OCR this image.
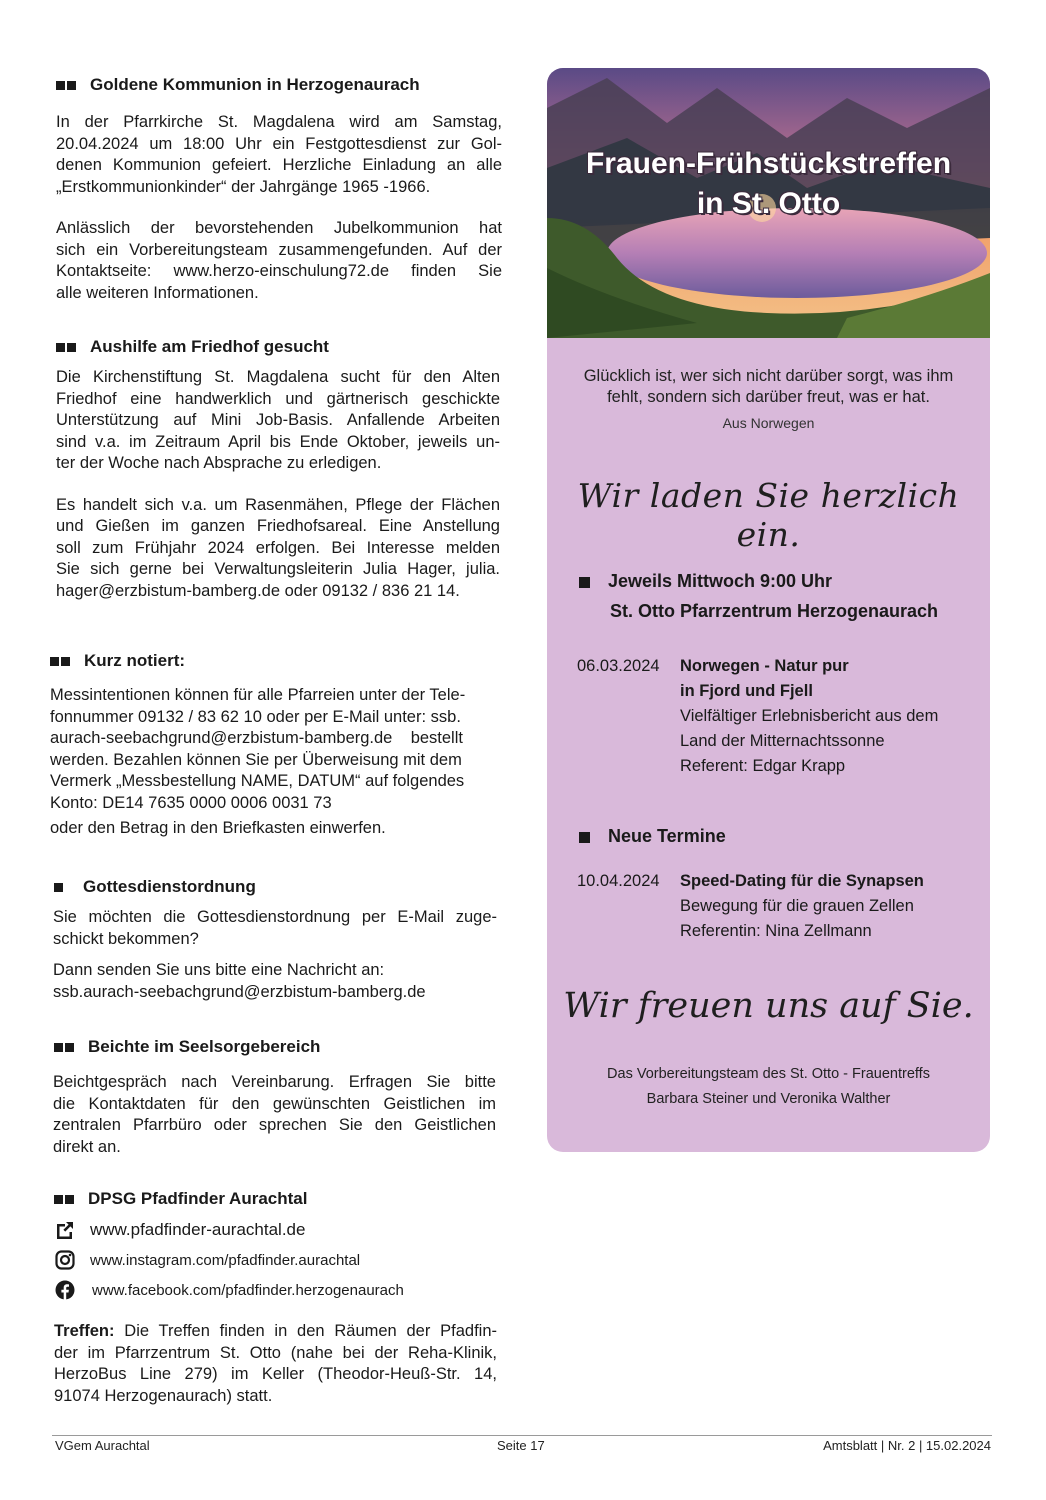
Goldene Kommunion in Herzogenaurach
In der Pfarrkirche St. Magdalena wird am Samstag,
20.04.2024 um 18:00 Uhr ein Festgottesdienst zur Gol-
denen Kommunion gefeiert. Herzliche Einladung an alle
„Erstkommunionkinder“ der Jahrgänge 1965 -1966.
Anlässlich der bevorstehenden Jubelkommunion hat
sich ein Vorbereitungsteam zusammengefunden. Auf der
Kontaktseite: www.herzo-einschulung72.de finden Sie
alle weiteren Informationen.
Aushilfe am Friedhof gesucht
Die Kirchenstiftung St. Magdalena sucht für den Alten
Friedhof eine handwerklich und gärtnerisch geschickte
Unterstützung auf Mini Job-Basis. Anfallende Arbeiten
sind v.a. im Zeitraum April bis Ende Oktober, jeweils un-
ter der Woche nach Absprache zu erledigen.
Es handelt sich v.a. um Rasenmähen, Pflege der Flächen
und Gießen im ganzen Friedhofsareal. Eine Anstellung
soll zum Frühjahr 2024 erfolgen. Bei Interesse melden
Sie sich gerne bei Verwaltungsleiterin Julia Hager, julia.
hager@erzbistum-bamberg.de oder 09132 / 836 21 14.
Kurz notiert:
Messintentionen können für alle Pfarreien unter der Tele-
fonnummer 09132 / 83 62 10 oder per E-Mail unter: ssb.
aurach-seebachgrund@erzbistum-bamberg.de    bestellt
werden. Bezahlen können Sie per Überweisung mit dem
Vermerk „Messbestellung NAME, DATUM“ auf folgendes
Konto: DE14 7635 0000 0006 0031 73
oder den Betrag in den Briefkasten einwerfen.
Gottesdienstordnung
Sie möchten die Gottesdienstordnung per E-Mail zuge-
schickt bekommen?
Dann senden Sie uns bitte eine Nachricht an:
ssb.aurach-seebachgrund@erzbistum-bamberg.de
Beichte im Seelsorgebereich
Beichtgespräch nach Vereinbarung. Erfragen Sie bitte
die Kontaktdaten für den gewünschten Geistlichen im
zentralen Pfarrbüro oder sprechen Sie den Geistlichen
direkt an.
DPSG Pfadfinder Aurachtal
www.pfadfinder-aurachtal.de
www.instagram.com/pfadfinder.aurachtal
www.facebook.com/pfadfinder.herzogenaurach
Treffen: Die Treffen finden in den Räumen der Pfadfin-
der im Pfarrzentrum St. Otto (nahe bei der Reha-Klinik,
HerzoBus Line 279) im Keller (Theodor-Heuß-Str. 14,
91074 Herzogenaurach) statt.
Frauen-Frühstückstreffen
in St. Otto
Glücklich ist, wer sich nicht darüber sorgt, was ihm
fehlt, sondern sich darüber freut, was er hat.
Aus Norwegen
Wir laden Sie herzlich ein.
Jeweils Mittwoch 9:00 Uhr
St. Otto Pfarrzentrum Herzogenaurach
06.03.2024 Norwegen - Natur pur
in Fjord und Fjell
Vielfältiger Erlebnisbericht aus dem
Land der Mitternachtssonne
Referent: Edgar Krapp
Neue Termine
10.04.2024 Speed-Dating für die Synapsen
Bewegung für die grauen Zellen
Referentin: Nina Zellmann
Wir freuen uns auf Sie.
Das Vorbereitungsteam des St. Otto - Frauentreffs
Barbara Steiner und Veronika Walther
VGem Aurachtal	Seite 17	Amtsblatt | Nr. 2 | 15.02.2024
